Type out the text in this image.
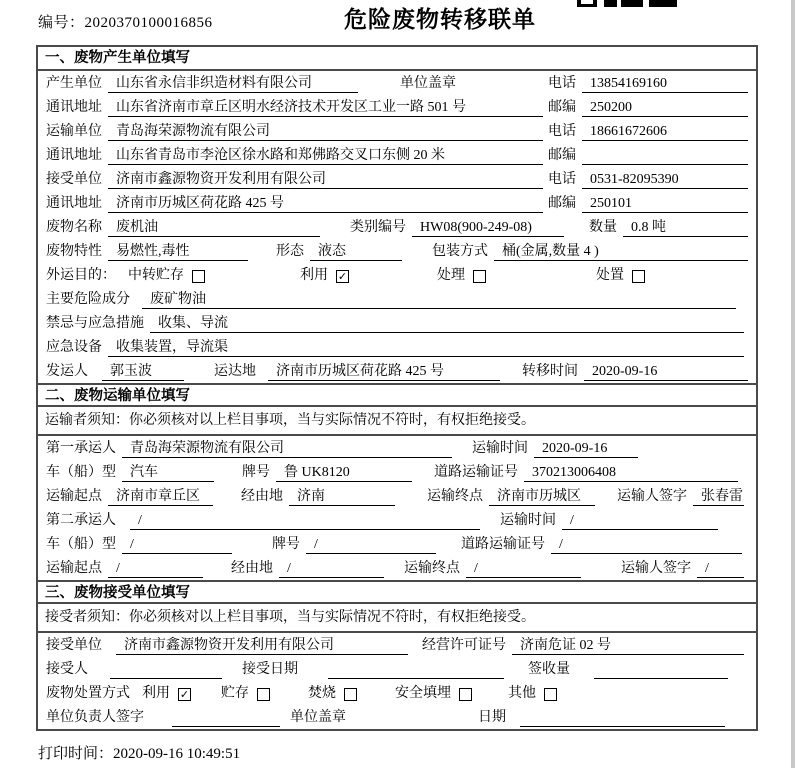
编号：2020370100016856	危险废物转移联单
一、废物产生单位填写
产生单位	山东省永信非织造材料有限公司	单位盖章	电话	13854169160
通讯地址	山东省济南市章丘区明水经济技术开发区工业一路 501 号	邮编	250200
运输单位	青岛海荣源物流有限公司	电话	18661672606
通讯地址	山东省青岛市李沧区徐水路和郑佛路交叉口东侧 20 米	邮编
接受单位	济南市鑫源物资开发利用有限公司	电话	0531-82095390
通讯地址	济南市历城区荷花路 425 号	邮编	250101
废物名称	废机油	类别编号	HW08(900-249-08)	数量	0.8 吨
废物特性	易燃性,毒性	形态	液态	包装方式	桶(金属,数量 4 )
外运目的： 中转贮存	利用 ✓	处理	处置
主要危险成分	废矿物油
禁忌与应急措施	收集、导流
应急设备	收集装置，导流渠
发运人	郭玉波	运达地	济南市历城区荷花路 425 号	转移时间	2020-09-16
二、废物运输单位填写
运输者须知：你必须核对以上栏目事项，当与实际情况不符时，有权拒绝接受。
第一承运人	青岛海荣源物流有限公司	运输时间	2020-09-16
车（船）型	汽车	牌号	鲁 UK8120	道路运输证号	370213006408
运输起点	济南市章丘区	经由地	济南	运输终点	济南市历城区	运输人签字	张春雷
第二承运人	/	运输时间	/
车（船）型	/	牌号	/	道路运输证号	/
运输起点	/	经由地	/	运输终点	/	运输人签字	/
三、废物接受单位填写
接受者须知：你必须核对以上栏目事项，当与实际情况不符时，有权拒绝接受。
接受单位	济南市鑫源物资开发利用有限公司	经营许可证号	济南危证 02 号
接受人	接受日期	签收量
废物处置方式 利用 ✓ 贮存	焚烧	安全填埋	其他
单位负责人签字	单位盖章	日期
打印时间：2020-09-16 10:49:51
